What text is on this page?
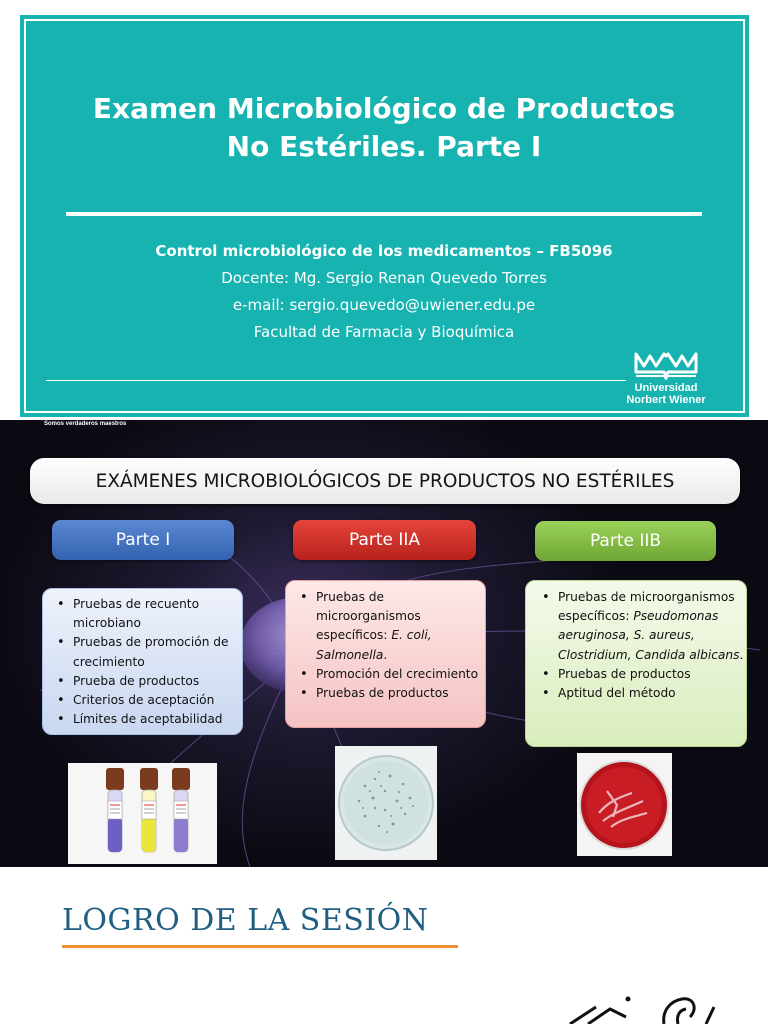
Examen Microbiológico de Productos
No Estériles. Parte I
Control microbiológico de los medicamentos – FB5096
Docente: Mg. Sergio Renan Quevedo Torres
e-mail: sergio.quevedo@uwiener.edu.pe
Facultad de Farmacia y Bioquímica
Universidad
Norbert Wiener
Somos verdaderos maestros
EXÁMENES MICROBIOLÓGICOS DE PRODUCTOS NO ESTÉRILES
Parte I	Parte IIA	Parte IIB
• Pruebas de recuento microbiano
• Pruebas de promoción de crecimiento
• Prueba de productos
• Criterios de aceptación
• Límites de aceptabilidad
• Pruebas de microorganismos específicos: E. coli, Salmonella.
• Promoción del crecimiento
• Pruebas de productos
• Pruebas de microorganismos específicos: Pseudomonas aeruginosa, S. aureus, Clostridium, Candida albicans.
• Pruebas de productos
• Aptitud del método

LOGRO DE LA SESIÓN
